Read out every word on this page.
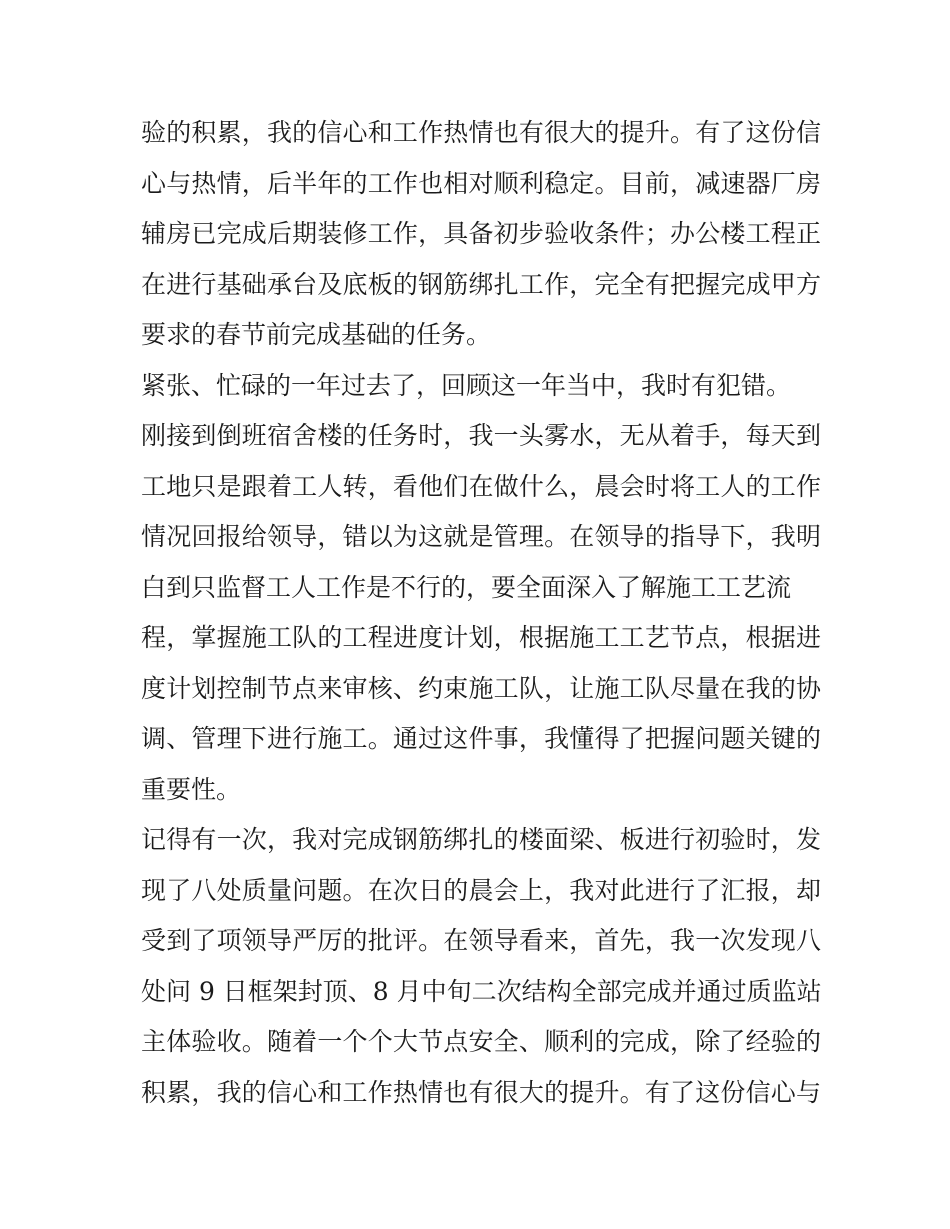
验的积累，我的信心和工作热情也有很大的提升。有了这份信
心与热情，后半年的工作也相对顺利稳定。目前，减速器厂房
辅房已完成后期装修工作，具备初步验收条件；办公楼工程正
在进行基础承台及底板的钢筋绑扎工作，完全有把握完成甲方
要求的春节前完成基础的任务。
紧张、忙碌的一年过去了，回顾这一年当中，我时有犯错。
刚接到倒班宿舍楼的任务时，我一头雾水，无从着手，每天到
工地只是跟着工人转，看他们在做什么，晨会时将工人的工作
情况回报给领导，错以为这就是管理。在领导的指导下，我明
白到只监督工人工作是不行的，要全面深入了解施工工艺流
程，掌握施工队的工程进度计划，根据施工工艺节点，根据进
度计划控制节点来审核、约束施工队，让施工队尽量在我的协
调、管理下进行施工。通过这件事，我懂得了把握问题关键的
重要性。
记得有一次，我对完成钢筋绑扎的楼面梁、板进行初验时，发
现了八处质量问题。在次日的晨会上，我对此进行了汇报，却
受到了项领导严厉的批评。在领导看来，首先，我一次发现八
处问 9 日框架封顶、8 月中旬二次结构全部完成并通过质监站
主体验收。随着一个个大节点安全、顺利的完成，除了经验的
积累，我的信心和工作热情也有很大的提升。有了这份信心与
